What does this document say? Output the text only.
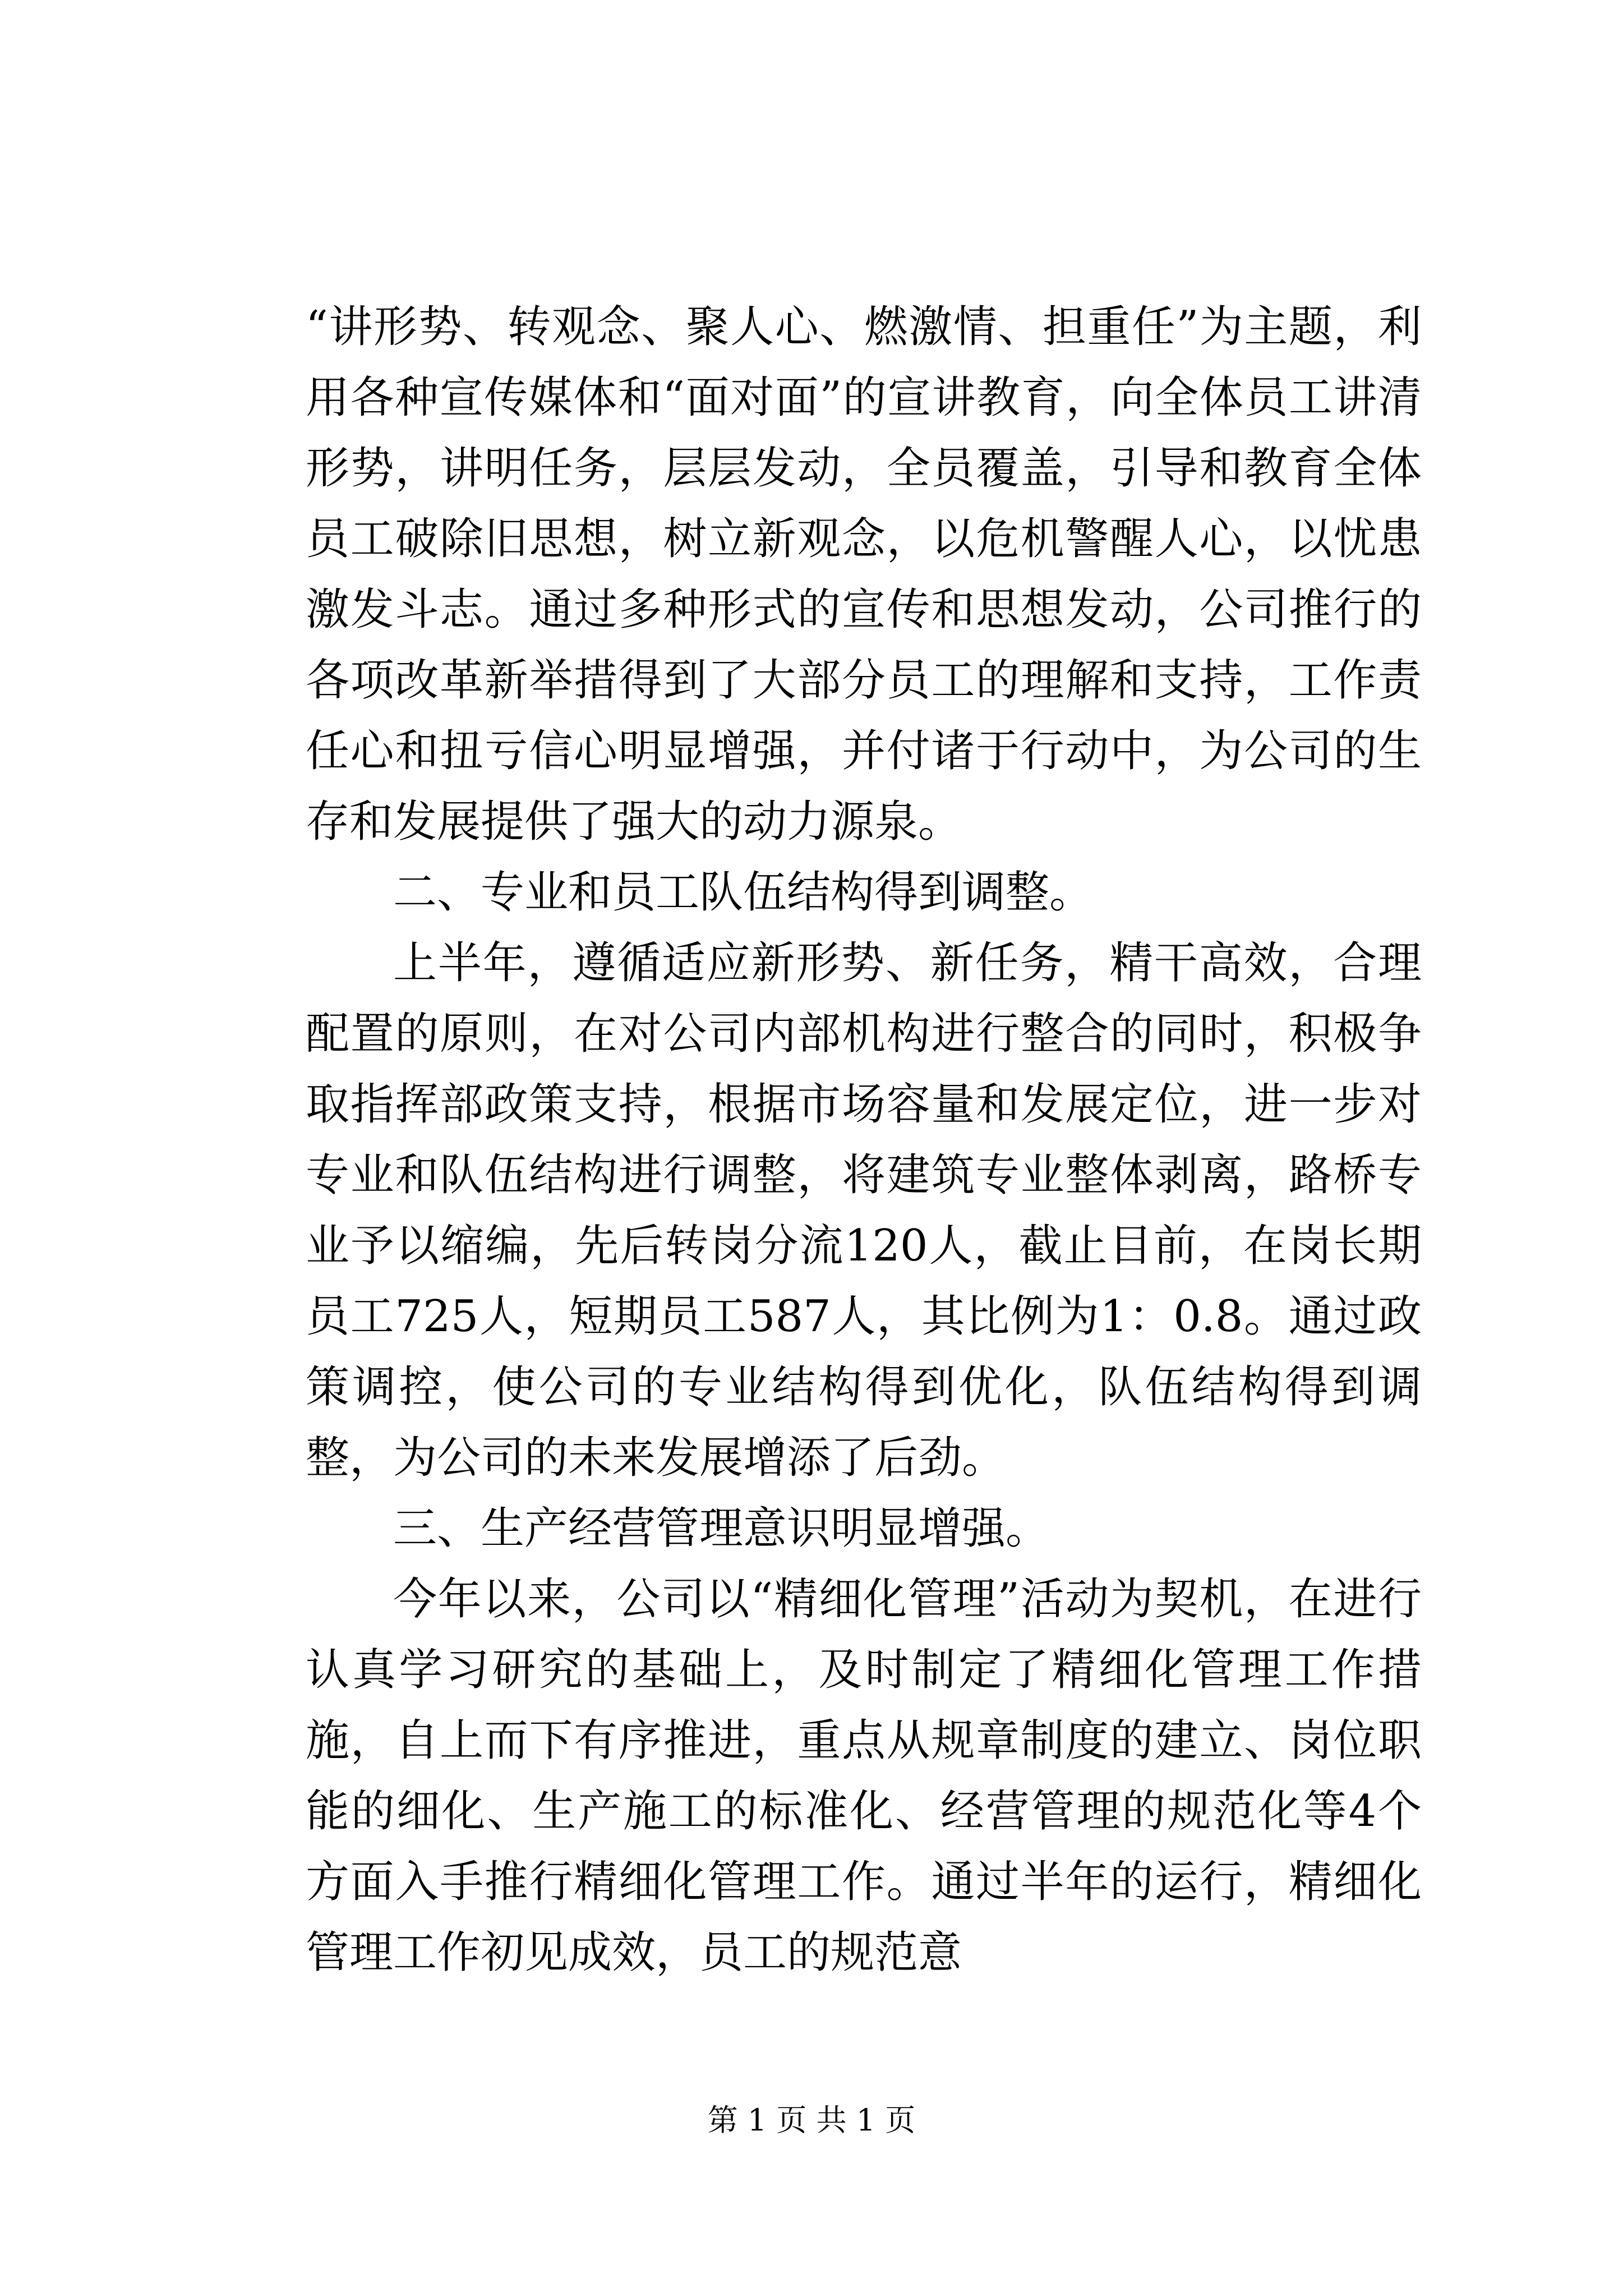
“讲形势、转观念、聚人心、燃激情、担重任”为主题，利用各种宣传媒体和“面对面”的宣讲教育，向全体员工讲清形势，讲明任务，层层发动，全员覆盖，引导和教育全体员工破除旧思想，树立新观念，以危机警醒人心，以忧患激发斗志。通过多种形式的宣传和思想发动，公司推行的各项改革新举措得到了大部分员工的理解和支持，工作责任心和扭亏信心明显增强，并付诸于行动中，为公司的生存和发展提供了强大的动力源泉。

二、专业和员工队伍结构得到调整。

上半年，遵循适应新形势、新任务，精干高效，合理配置的原则，在对公司内部机构进行整合的同时，积极争取指挥部政策支持，根据市场容量和发展定位，进一步对专业和队伍结构进行调整，将建筑专业整体剥离，路桥专业予以缩编，先后转岗分流120人，截止目前，在岗长期员工725人，短期员工587人，其比例为1：0.8。通过政策调控，使公司的专业结构得到优化，队伍结构得到调整，为公司的未来发展增添了后劲。

三、生产经营管理意识明显增强。

今年以来，公司以“精细化管理”活动为契机，在进行认真学习研究的基础上，及时制定了精细化管理工作措施，自上而下有序推进，重点从规章制度的建立、岗位职能的细化、生产施工的标准化、经营管理的规范化等4个方面入手推行精细化管理工作。通过半年的运行，精细化管理工作初见成效，员工的规范意

第 1 页 共 1 页
